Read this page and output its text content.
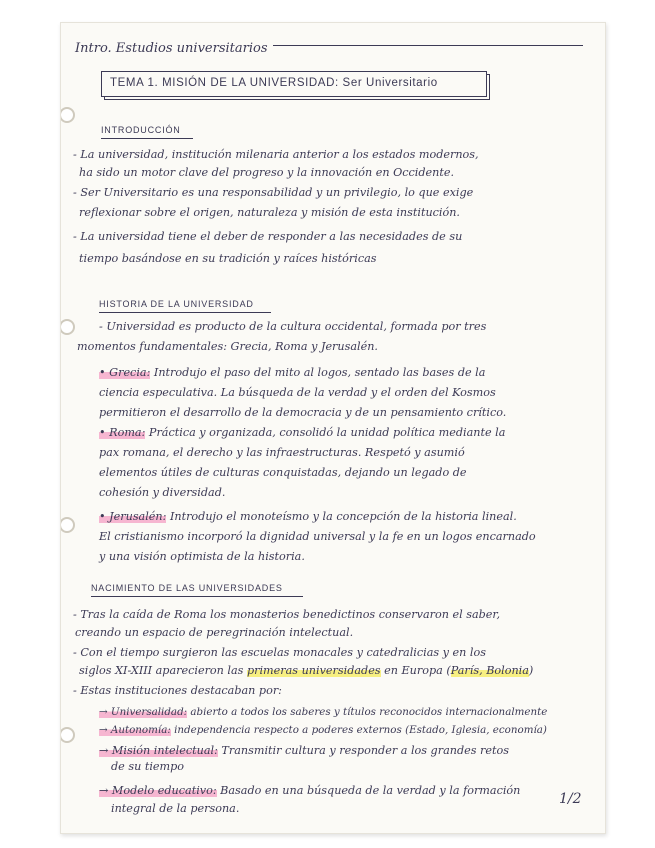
Intro. Estudios universitarios

TEMA 1. MISIÓN DE LA UNIVERSIDAD: Ser Universitario

INTRODUCCIÓN

- La universidad, institución milenaria anterior a los estados modernos,

ha sido un motor clave del progreso y la innovación en Occidente.

- Ser Universitario es una responsabilidad y un privilegio, lo que exige

reflexionar sobre el origen, naturaleza y misión de esta institución.

- La universidad tiene el deber de responder a las necesidades de su

tiempo basándose en su tradición y raíces históricas

HISTORIA DE LA UNIVERSIDAD

- Universidad es producto de la cultura occidental, formada por tres

momentos fundamentales: Grecia, Roma y Jerusalén.

• Grecia: Introdujo el paso del mito al logos, sentado las bases de la

ciencia especulativa. La búsqueda de la verdad y el orden del Kosmos

permitieron el desarrollo de la democracia y de un pensamiento crítico.

• Roma: Práctica y organizada, consolidó la unidad política mediante la

pax romana, el derecho y las infraestructuras. Respetó y asumió

elementos útiles de culturas conquistadas, dejando un legado de

cohesión y diversidad.

• Jerusalén: Introdujo el monoteísmo y la concepción de la historia lineal.

El cristianismo incorporó la dignidad universal y la fe en un logos encarnado

y una visión optimista de la historia.

NACIMIENTO DE LAS UNIVERSIDADES

- Tras la caída de Roma los monasterios benedictinos conservaron el saber,

creando un espacio de peregrinación intelectual.

- Con el tiempo surgieron las escuelas monacales y catedralicias y en los

siglos XI-XIII aparecieron las primeras universidades en Europa (París, Bolonia)

- Estas instituciones destacaban por:

→ Universalidad: abierto a todos los saberes y títulos reconocidos internacionalmente

→ Autonomía: independencia respecto a poderes externos (Estado, Iglesia, economía)

→ Misión intelectual: Transmitir cultura y responder a los grandes retos

de su tiempo

→ Modelo educativo: Basado en una búsqueda de la verdad y la formación

integral de la persona.

1/2
